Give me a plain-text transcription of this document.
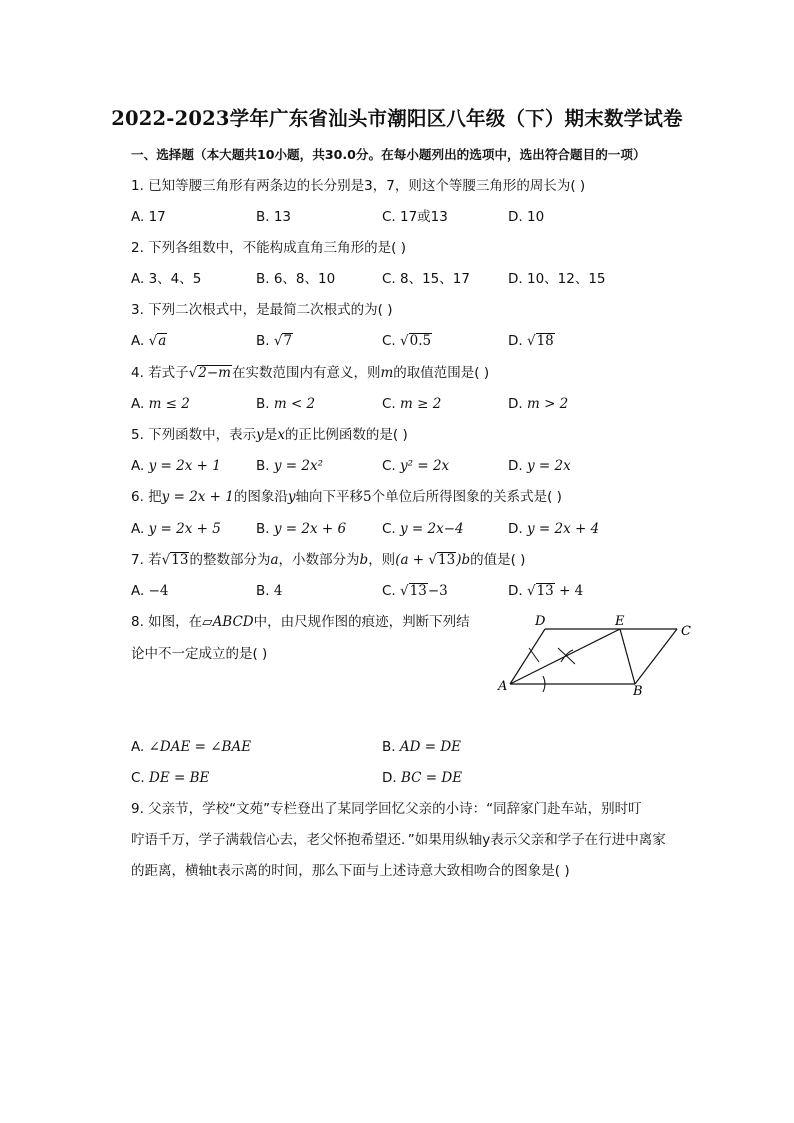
2022-2023学年广东省汕头市潮阳区八年级（下）期末数学试卷
一、选择题（本大题共10小题，共30.0分。在每小题列出的选项中，选出符合题目的一项）
1. 已知等腰三角形有两条边的长分别是3，7，则这个等腰三角形的周长为( )
A. 17	B. 13	C. 17或13	D. 10
2. 下列各组数中，不能构成直角三角形的是( )
A. 3、4、5	B. 6、8、10	C. 8、15、17	D. 10、12、15
3. 下列二次根式中，是最简二次根式的为( )
A. √a	B. √7	C. √0.5	D. √18
4. 若式子√2−m在实数范围内有意义，则m的取值范围是( )
A. m ≤ 2	B. m < 2	C. m ≥ 2	D. m > 2
5. 下列函数中，表示y是x的正比例函数的是( )
A. y = 2x + 1	B. y = 2x²	C. y² = 2x	D. y = 2x
6. 把y = 2x + 1的图象沿y轴向下平移5个单位后所得图象的关系式是( )
A. y = 2x + 5	B. y = 2x + 6	C. y = 2x−4	D. y = 2x + 4
7. 若√13的整数部分为a，小数部分为b，则(a + √13)b的值是( )
A. −4	B. 4	C. √13−3	D. √13 + 4
8. 如图，在▱ABCD中，由尺规作图的痕迹，判断下列结
论中不一定成立的是( )
D	E
C
A	B
A. ∠DAE = ∠BAE	B. AD = DE
C. DE = BE	D. BC = DE
9. 父亲节，学校“文苑”专栏登出了某同学回忆父亲的小诗：“同辞家门赴车站，别时叮
咛语千万，学子满载信心去，老父怀抱希望还．”如果用纵轴y表示父亲和学子在行进中离家
的距离，横轴t表示离的时间，那么下面与上述诗意大致相吻合的图象是( )
